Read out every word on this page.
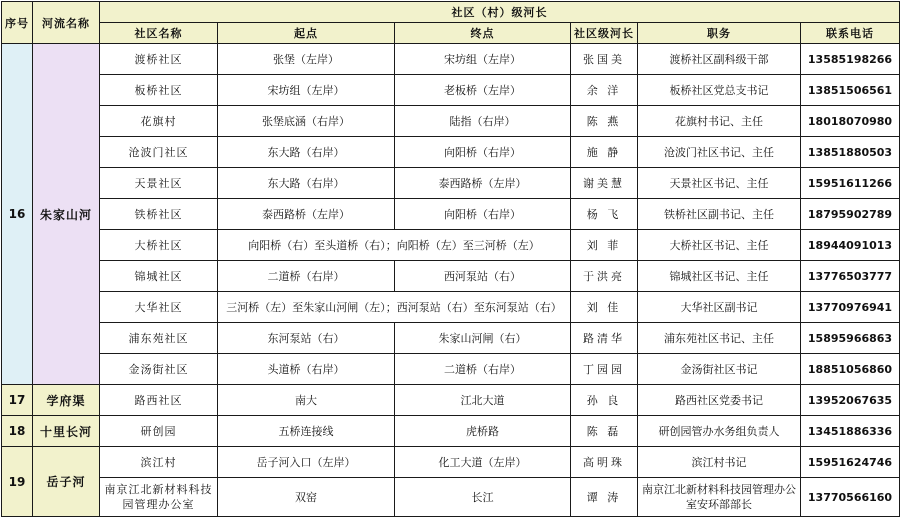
序号	河流名称	社区（村）级河长					
		社区名称	起点	终点	社区级河长	职务	联系电话
16	朱家山河	渡桥社区	张堡（左岸）	宋坊组（左岸）	张国美	渡桥社区副科级干部	13585198266
		板桥社区	宋坊组（左岸）	老板桥（左岸）	余 洋	板桥社区党总支书记	13851506561
		花旗村	张堡底涵（右岸）	陆指（右岸）	陈 燕	花旗村书记、主任	18018070980
		沧波门社区	东大路（右岸）	向阳桥（右岸）	施 静	沧波门社区书记、主任	13851880503
		天景社区	东大路（右岸）	泰西路桥（左岸）	谢美慧	天景社区书记、主任	15951611266
		铁桥社区	泰西路桥（左岸）	向阳桥（右岸）	杨 飞	铁桥社区副书记、主任	18795902789
		大桥社区	向阳桥（右）至头道桥（右）；向阳桥（左）至三河桥（左）		刘 菲	大桥社区书记、主任	18944091013
		锦城社区	二道桥（右岸）	西河泵站（右）	于洪亮	锦城社区书记、主任	13776503777
		大华社区	三河桥（左）至朱家山河闸（左）；西河泵站（右）至东河泵站（右）		刘 佳	大华社区副书记	13770976941
		浦东苑社区	东河泵站（右）	朱家山河闸（右）	路清华	浦东苑社区书记、主任	15895966863
		金汤街社区	头道桥（右岸）	二道桥（右岸）	丁园园	金汤街社区书记	18851056860
17	学府渠	路西社区	南大	江北大道	孙 良	路西社区党委书记	13952067635
18	十里长河	研创园	五桥连接线	虎桥路	陈 磊	研创园管办水务组负责人	13451886336
19	岳子河	滨江村	岳子河入口（左岸）	化工大道（左岸）	高明珠	滨江村书记	15951624746
		南京江北新材料科技园管理办公室	双窑	长江	谭 涛	南京江北新材料科技园管理办公室安环部部长	13770566160
